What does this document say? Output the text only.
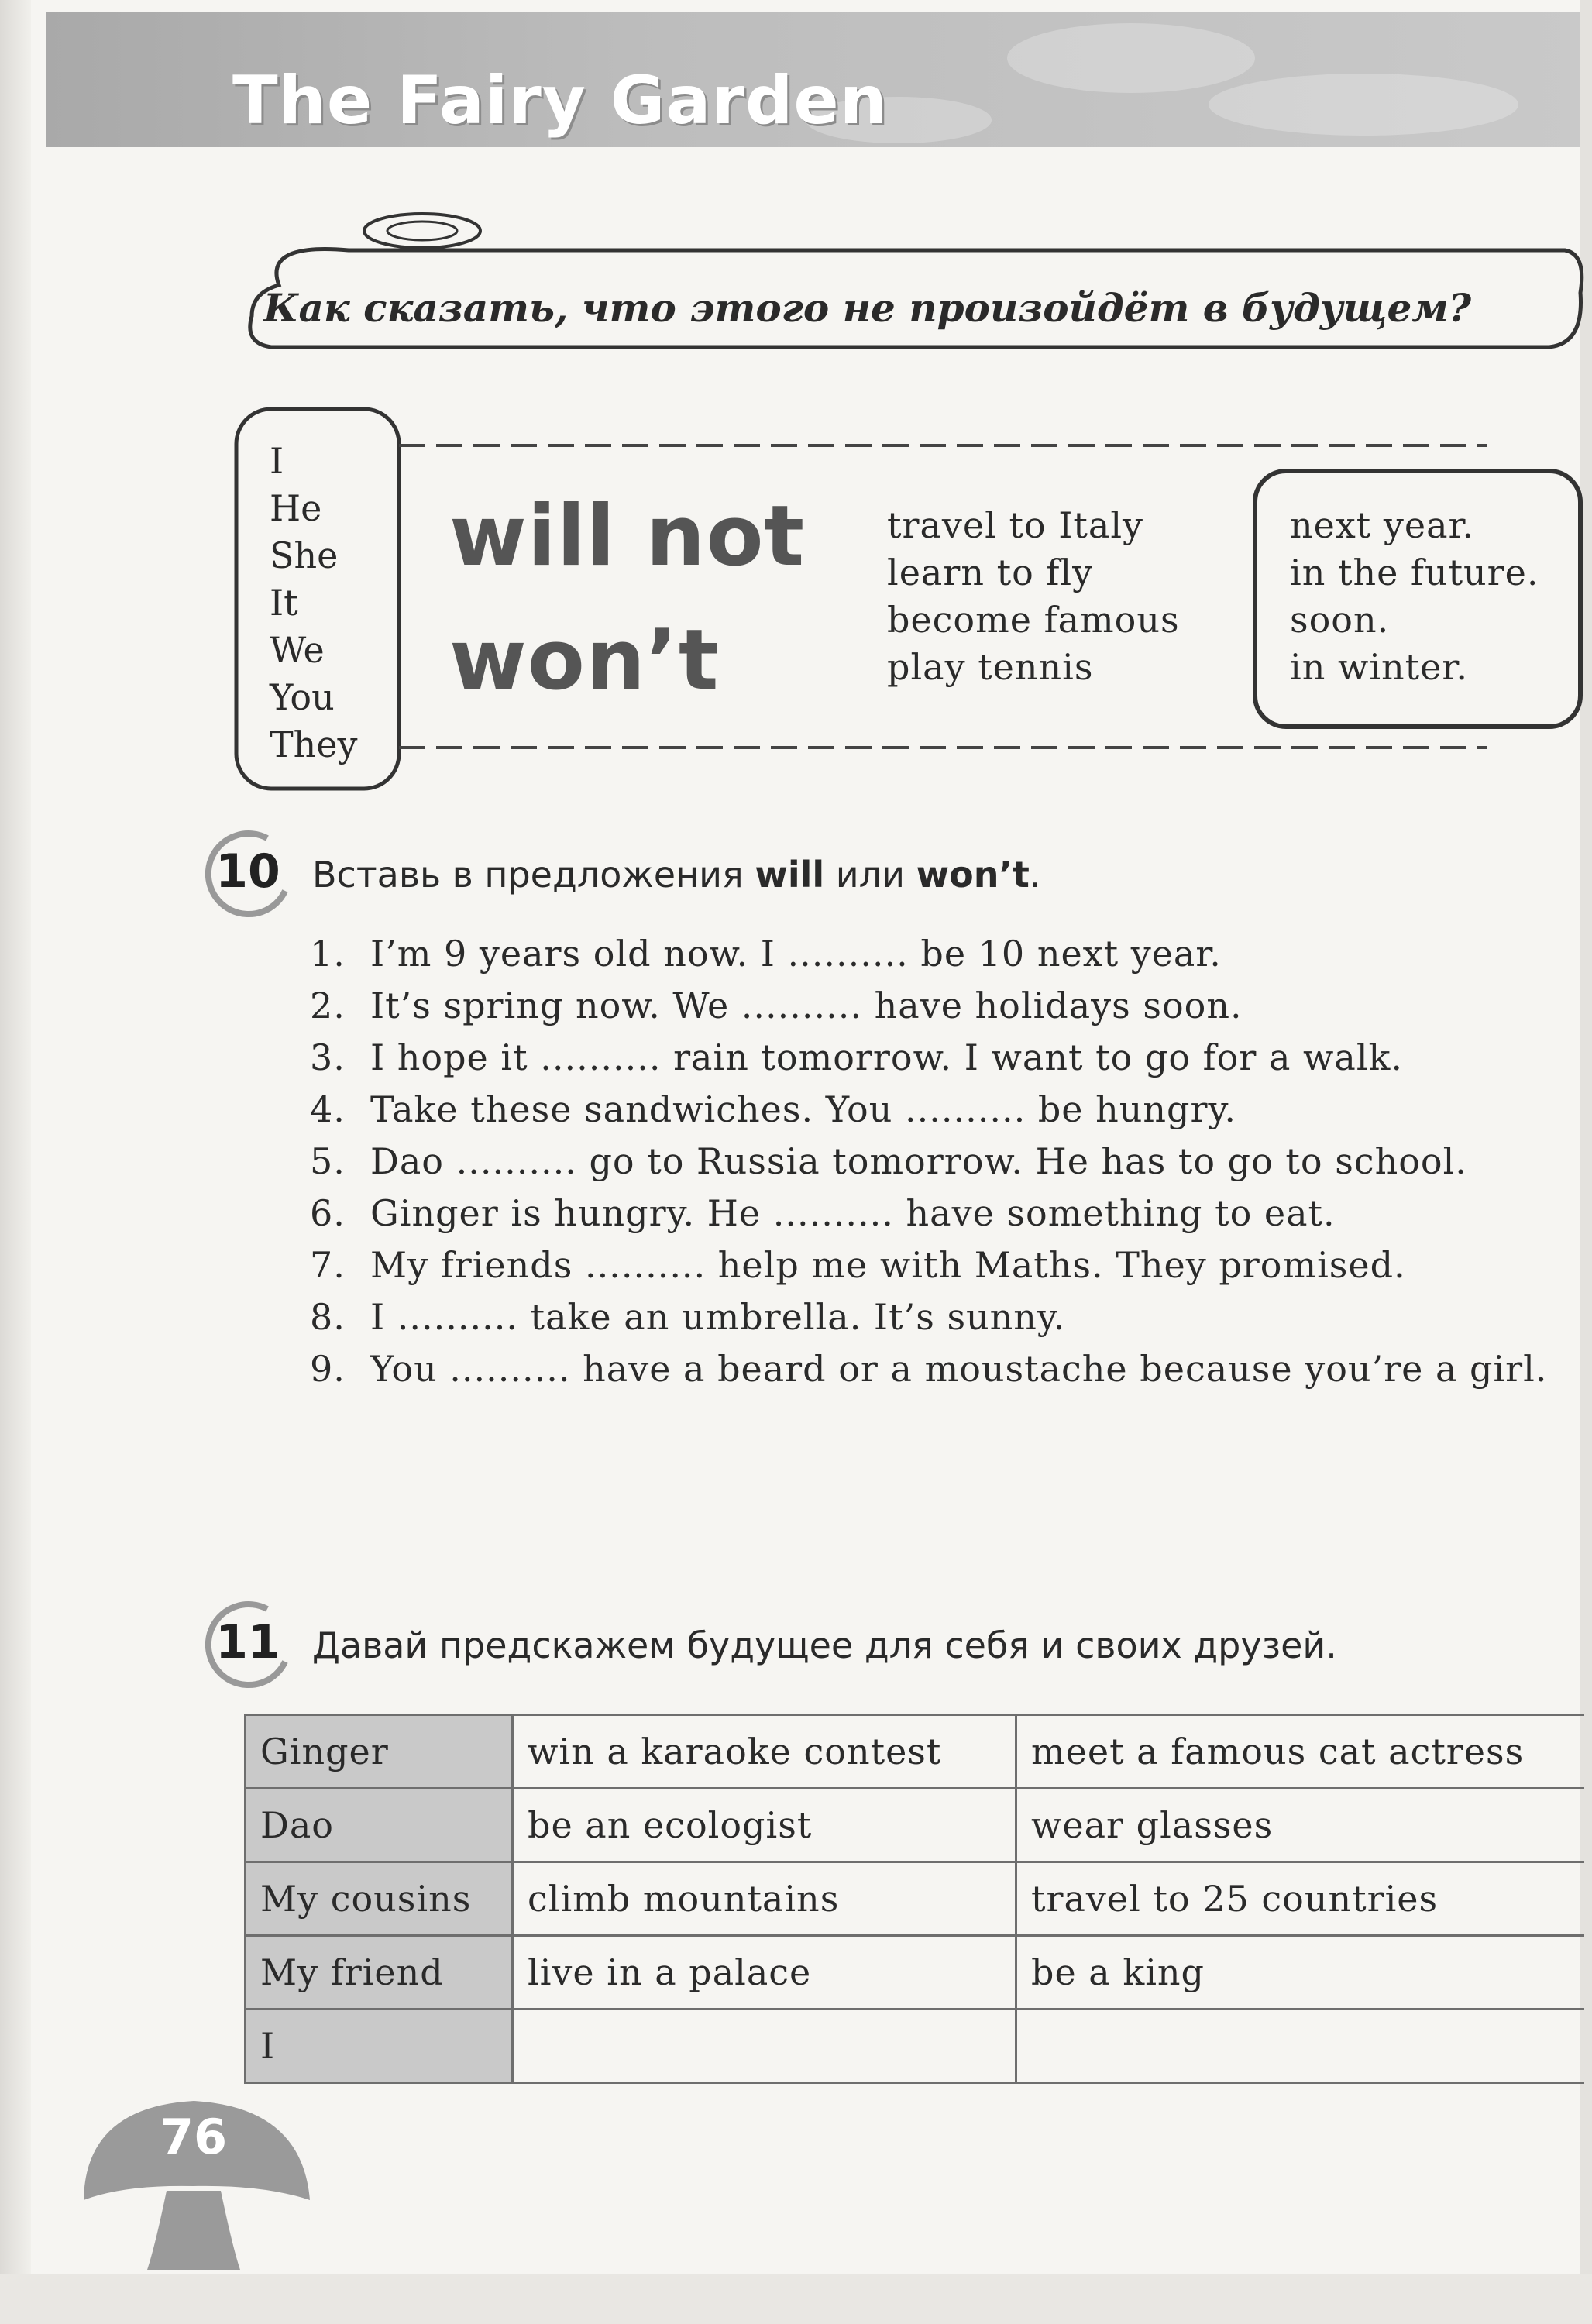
The Fairy Garden
Как сказать, что этого не произойдёт в будущем?
I
He
She
It
We
You
They
will not
won’t
travel to Italy
learn to fly
become famous
play tennis
next year.
in the future.
soon.
in winter.
10 Вставь в предложения will или won’t.
1. I’m 9 years old now. I .......... be 10 next year.
2. It’s spring now. We .......... have holidays soon.
3. I hope it .......... rain tomorrow. I want to go for a walk.
4. Take these sandwiches. You .......... be hungry.
5. Dao .......... go to Russia tomorrow. He has to go to school.
6. Ginger is hungry. He .......... have something to eat.
7. My friends .......... help me with Maths. They promised.
8. I .......... take an umbrella. It’s sunny.
9. You .......... have a beard or a moustache because you’re a girl.
11 Давай предскажем будущее для себя и своих друзей.
Ginger	win a karaoke contest	meet a famous cat actress
Dao	be an ecologist	wear glasses
My cousins	climb mountains	travel to 25 countries
My friend	live in a palace	be a king
I		
76
